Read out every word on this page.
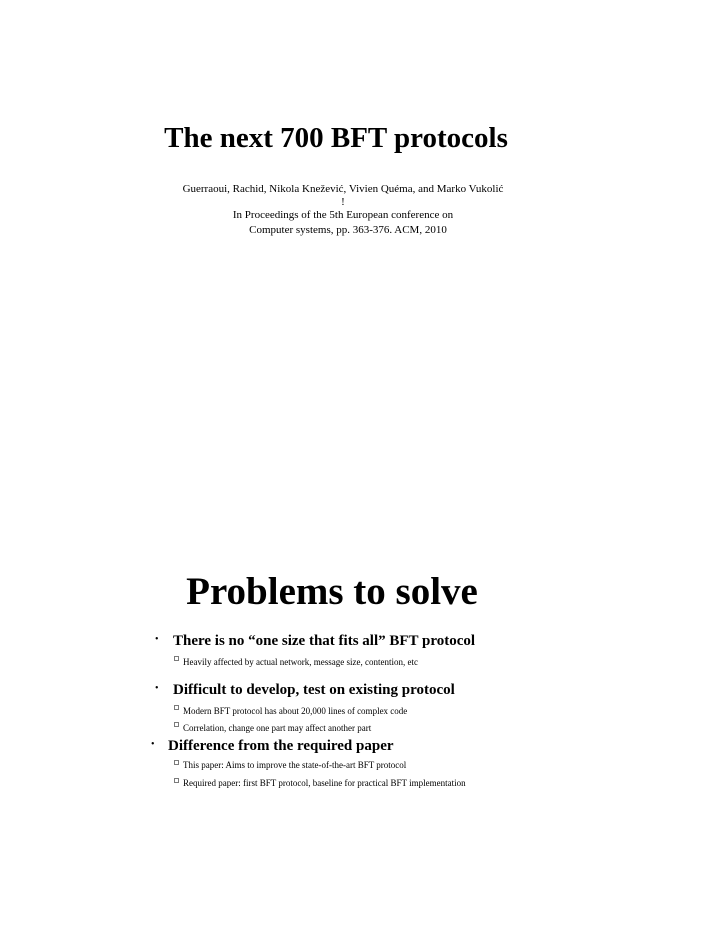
The next 700 BFT protocols
Guerraoui, Rachid, Nikola Knežević, Vivien Quéma, and Marko Vukolić
!
In Proceedings of the 5th European conference on
Computer systems, pp. 363-376. ACM, 2010
Problems to solve
• There is no “one size that fits all” BFT protocol
Heavily affected by actual network, message size, contention, etc
• Difficult to develop, test on existing protocol
Modern BFT protocol has about 20,000 lines of complex code
Correlation, change one part may affect another part
• Difference from the required paper
This paper: Aims to improve the state-of-the-art BFT protocol
Required paper: first BFT protocol, baseline for practical BFT implementation
